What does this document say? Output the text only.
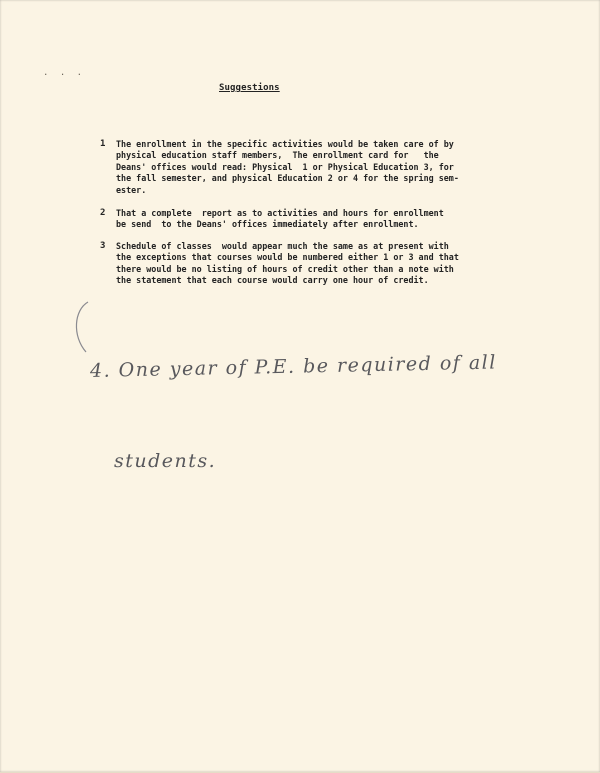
. . .
Suggestions
1 The enrollment in the specific activities would be taken care of by
physical education staff members,  The enrollment card for   the
Deans' offices would read: Physical  1 or Physical Education 3, for
the fall semester, and physical Education 2 or 4 for the spring sem-
ester.
2 That a complete  report as to activities and hours for enrollment
be send  to the Deans' offices immediately after enrollment.
3 Schedule of classes  would appear much the same as at present with
the exceptions that courses would be numbered either 1 or 3 and that
there would be no listing of hours of credit other than a note with
the statement that each course would carry one hour of credit.

4. One year of P.E. be required of all

students.
